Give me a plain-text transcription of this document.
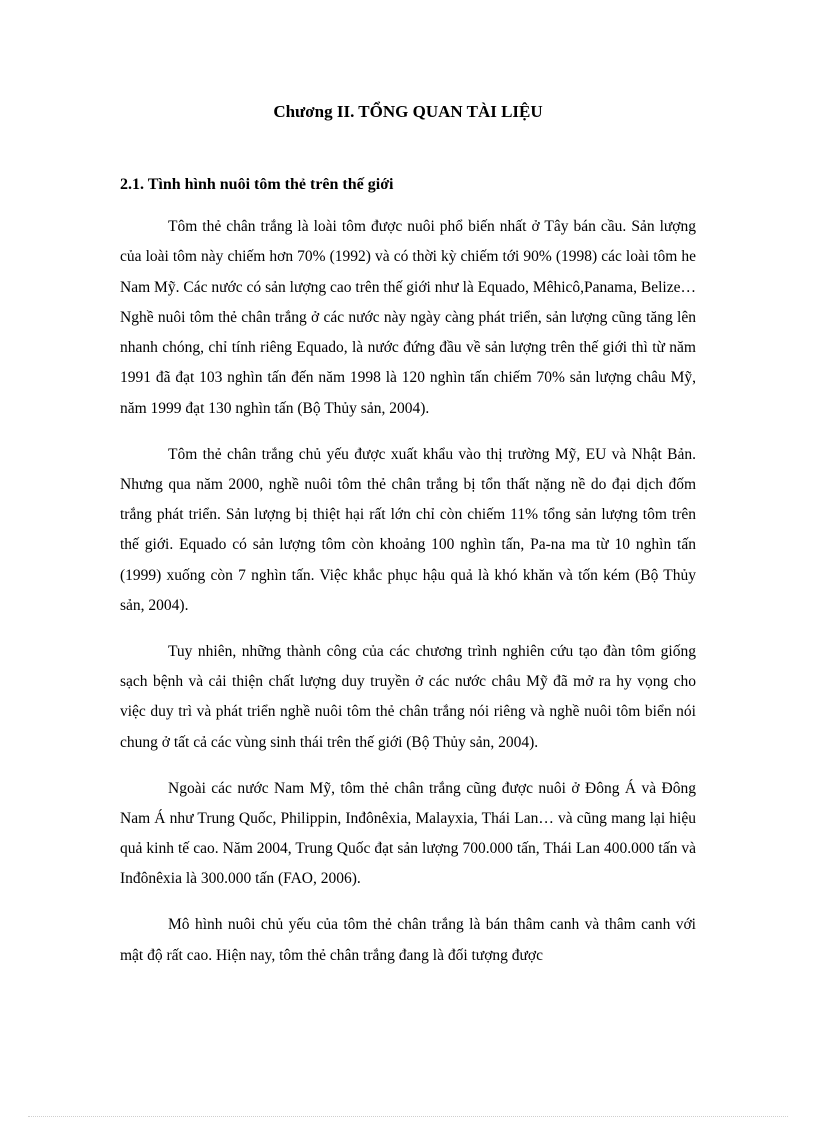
Chương II. TỔNG QUAN TÀI LIỆU
2.1. Tình hình nuôi tôm thẻ trên thế giới

Tôm thẻ chân trắng là loài tôm được nuôi phổ biến nhất ở Tây bán cầu. Sản lượng của loài tôm này chiếm hơn 70% (1992) và có thời kỳ chiếm tới 90% (1998) các loài tôm he Nam Mỹ. Các nước có sản lượng cao trên thế giới như là Equado, Mêhicô,Panama, Belize… Nghề nuôi tôm thẻ chân trắng ở các nước này ngày càng phát triển, sản lượng cũng tăng lên nhanh chóng, chỉ tính riêng Equado, là nước đứng đầu về sản lượng trên thế giới thì từ năm 1991 đã đạt 103 nghìn tấn đến năm 1998 là 120 nghìn tấn chiếm 70% sản lượng châu Mỹ, năm 1999 đạt 130 nghìn tấn (Bộ Thủy sản, 2004).

Tôm thẻ chân trắng chủ yếu được xuất khẩu vào thị trường Mỹ, EU và Nhật Bản. Nhưng qua năm 2000, nghề nuôi tôm thẻ chân trắng bị tổn thất nặng nề do đại dịch đốm trắng phát triển. Sản lượng bị thiệt hại rất lớn chỉ còn chiếm 11% tổng sản lượng tôm trên thế giới. Equado có sản lượng tôm còn khoảng 100 nghìn tấn, Pa-na ma từ 10 nghìn tấn (1999) xuống còn 7 nghìn tấn. Việc khắc phục hậu quả là khó khăn và tốn kém (Bộ Thủy sản, 2004).

Tuy nhiên, những thành công của các chương trình nghiên cứu tạo đàn tôm giống sạch bệnh và cải thiện chất lượng duy truyền ở các nước châu Mỹ đã mở ra hy vọng cho việc duy trì và phát triển nghề nuôi tôm thẻ chân trắng nói riêng và nghề nuôi tôm biển nói chung ở tất cả các vùng sinh thái trên thế giới (Bộ Thủy sản, 2004).

Ngoài các nước Nam Mỹ, tôm thẻ chân trắng cũng được nuôi ở Đông Á và Đông Nam Á như Trung Quốc, Philippin, Inđônêxia, Malayxia, Thái Lan… và cũng mang lại hiệu quả kinh tế cao. Năm 2004, Trung Quốc đạt sản lượng 700.000 tấn, Thái Lan 400.000 tấn và Inđônêxia là 300.000 tấn (FAO, 2006).

Mô hình nuôi chủ yếu của tôm thẻ chân trắng là bán thâm canh và thâm canh với mật độ rất cao. Hiện nay, tôm thẻ chân trắng đang là đối tượng được
